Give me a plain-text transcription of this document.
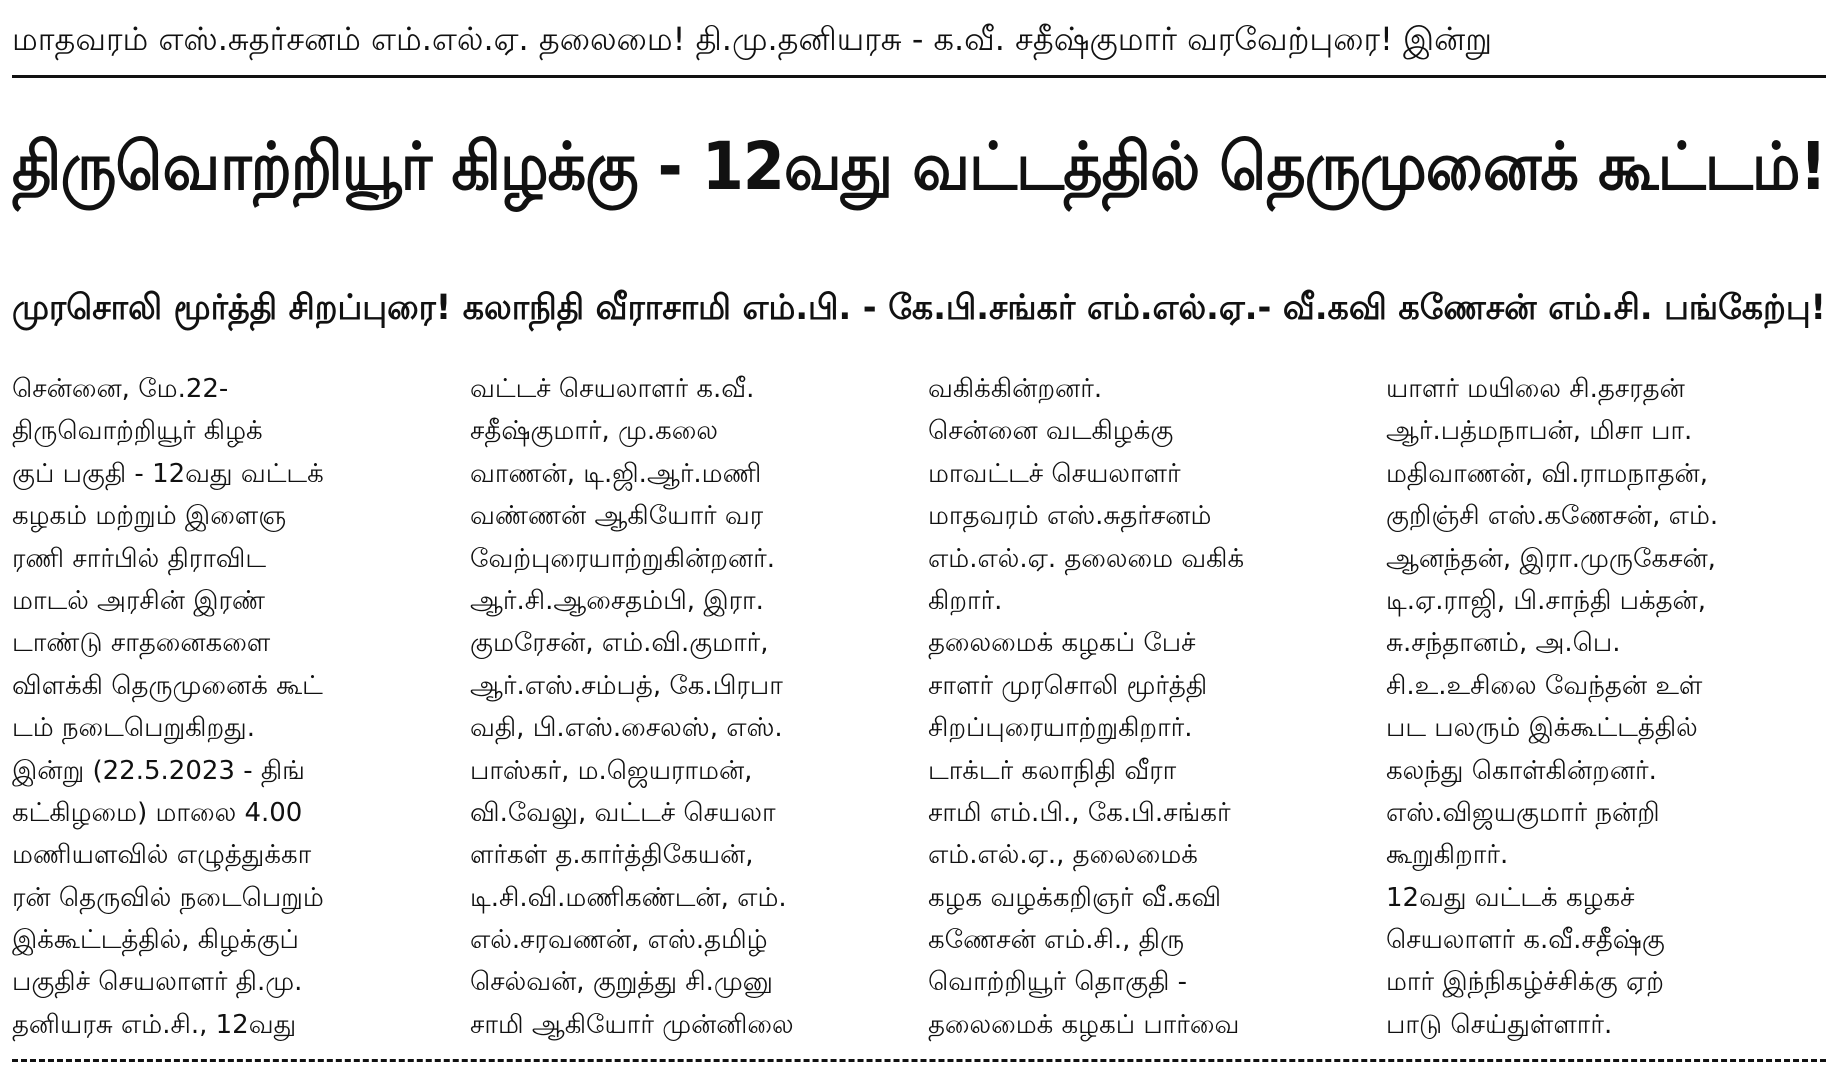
மாதவரம் எஸ்.சுதர்சனம் எம்.எல்.ஏ. தலைமை! தி.மு.தனியரசு - க.வீ. சதீஷ்குமார் வரவேற்புரை! இன்று
திருவொற்றியூர் கிழக்கு - 12வது வட்டத்தில் தெருமுனைக் கூட்டம்!
முரசொலி மூர்த்தி சிறப்புரை! கலாநிதி வீராசாமி எம்.பி. - கே.பி.சங்கர் எம்.எல்.ஏ.- வீ.கவி கணேசன் எம்.சி. பங்கேற்பு!
சென்னை, மே.22-
திருவொற்றியூர் கிழக்
குப் பகுதி - 12வது வட்டக்
கழகம் மற்றும் இளைஞ
ரணி சார்பில் திராவிட
மாடல் அரசின் இரண்
டாண்டு சாதனைகளை
விளக்கி தெருமுனைக் கூட்
டம் நடைபெறுகிறது.
இன்று (22.5.2023 - திங்
கட்கிழமை) மாலை 4.00
மணியளவில் எழுத்துக்கா
ரன் தெருவில் நடைபெறும்
இக்கூட்டத்தில், கிழக்குப்
பகுதிச் செயலாளர் தி.மு.
தனியரசு எம்.சி., 12வது
வட்டச் செயலாளர் க.வீ.
சதீஷ்குமார், மு.கலை
வாணன், டி.ஜி.ஆர்.மணி
வண்ணன் ஆகியோர் வர
வேற்புரையாற்றுகின்றனர்.
ஆர்.சி.ஆசைதம்பி, இரா.
குமரேசன், எம்.வி.குமார்,
ஆர்.எஸ்.சம்பத், கே.பிரபா
வதி, பி.எஸ்.சைலஸ், எஸ்.
பாஸ்கர், ம.ஜெயராமன்,
வி.வேலு, வட்டச் செயலா
ளர்கள் த.கார்த்திகேயன்,
டி.சி.வி.மணிகண்டன், எம்.
எல்.சரவணன், எஸ்.தமிழ்
செல்வன், குறுத்து சி.முனு
சாமி ஆகியோர் முன்னிலை
வகிக்கின்றனர்.
சென்னை வடகிழக்கு
மாவட்டச் செயலாளர்
மாதவரம் எஸ்.சுதர்சனம்
எம்.எல்.ஏ. தலைமை வகிக்
கிறார்.
தலைமைக் கழகப் பேச்
சாளர் முரசொலி மூர்த்தி
சிறப்புரையாற்றுகிறார்.
டாக்டர் கலாநிதி வீரா
சாமி எம்.பி., கே.பி.சங்கர்
எம்.எல்.ஏ., தலைமைக்
கழக வழக்கறிஞர் வீ.கவி
கணேசன் எம்.சி., திரு
வொற்றியூர் தொகுதி -
தலைமைக் கழகப் பார்வை
யாளர் மயிலை சி.தசரதன்
ஆர்.பத்மநாபன், மிசா பா.
மதிவாணன், வி.ராமநாதன்,
குறிஞ்சி எஸ்.கணேசன், எம்.
ஆனந்தன், இரா.முருகேசன்,
டி.ஏ.ராஜி, பி.சாந்தி பக்தன்,
சு.சந்தானம், அ.பெ.
சி.உ.உசிலை வேந்தன் உள்
பட பலரும் இக்கூட்டத்தில்
கலந்து கொள்கின்றனர்.
எஸ்.விஜயகுமார் நன்றி
கூறுகிறார்.
12வது வட்டக் கழகச்
செயலாளர் க.வீ.சதீஷ்கு
மார் இந்நிகழ்ச்சிக்கு ஏற்
பாடு செய்துள்ளார்.
